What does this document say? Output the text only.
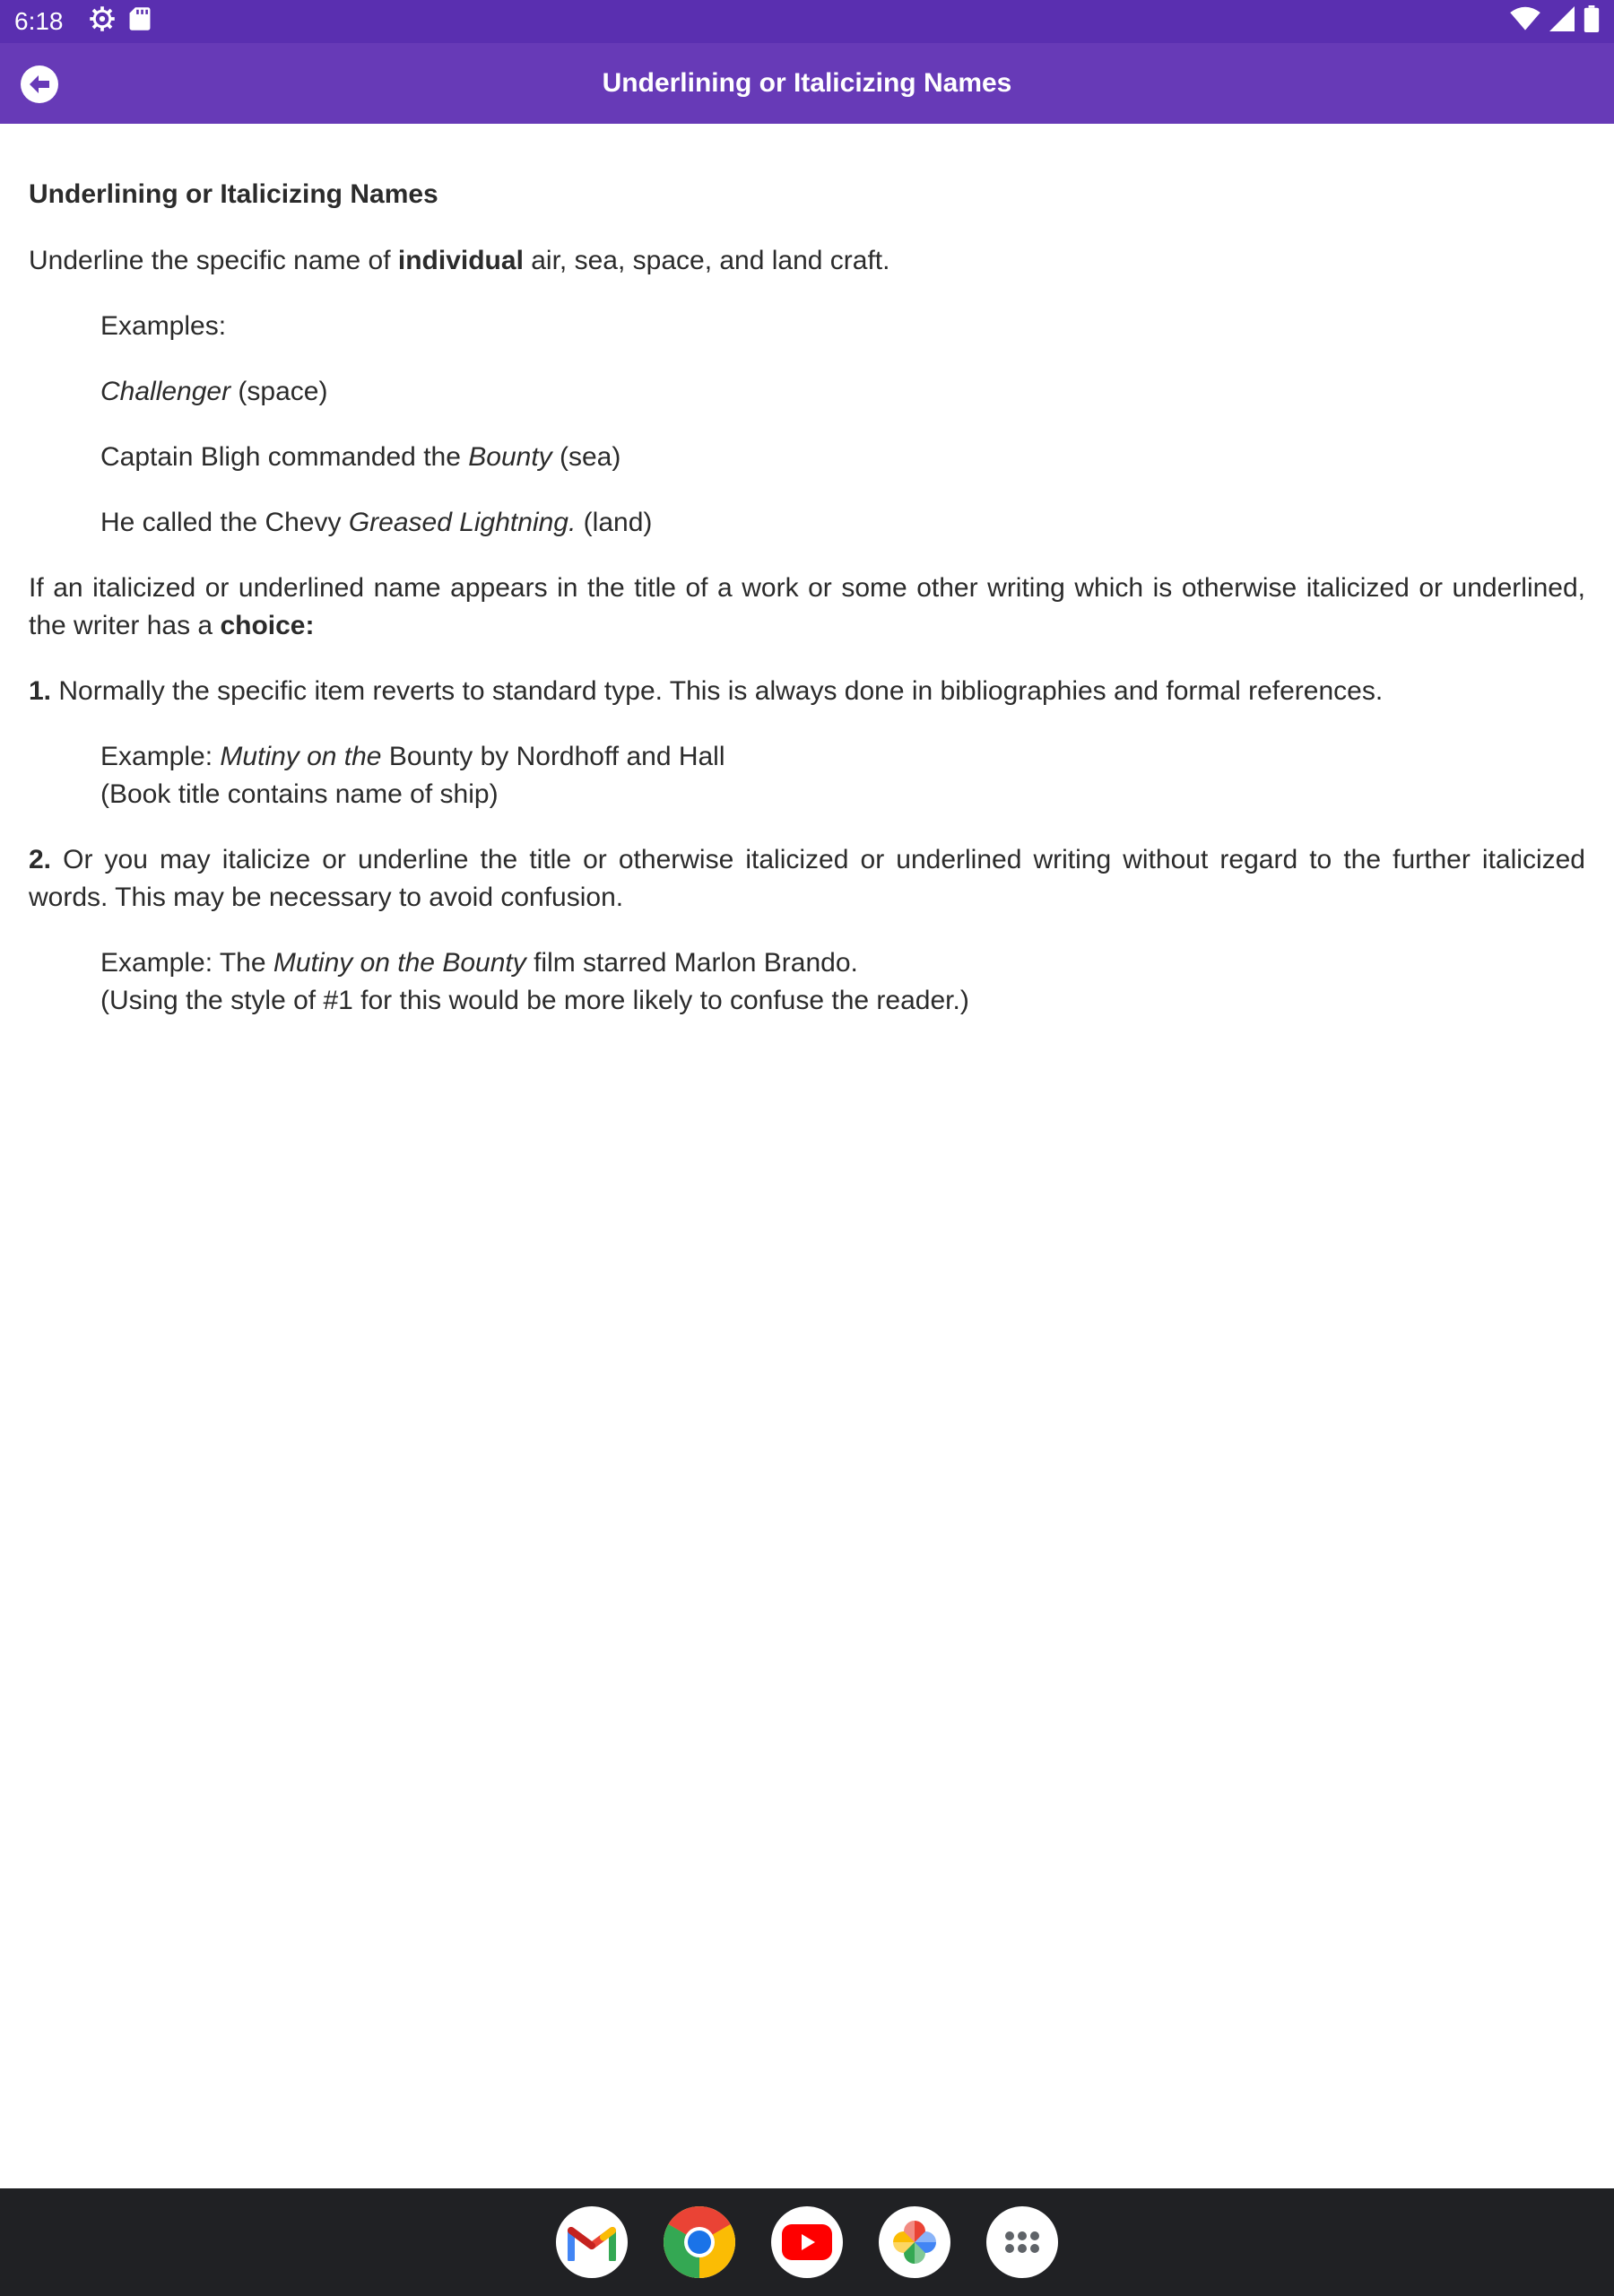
6:18
Underlining or Italicizing Names

Underlining or Italicizing Names

Underline the specific name of individual air, sea, space, and land craft.

Examples:

Challenger (space)

Captain Bligh commanded the Bounty (sea)

He called the Chevy Greased Lightning. (land)

If an italicized or underlined name appears in the title of a work or some other writing which is otherwise italicized or underlined, the writer has a choice:

1. Normally the specific item reverts to standard type. This is always done in bibliographies and formal references.

Example: Mutiny on the Bounty by Nordhoff and Hall
(Book title contains name of ship)

2. Or you may italicize or underline the title or otherwise italicized or underlined writing without regard to the further italicized words. This may be necessary to avoid confusion.

Example: The Mutiny on the Bounty film starred Marlon Brando.
(Using the style of #1 for this would be more likely to confuse the reader.)
